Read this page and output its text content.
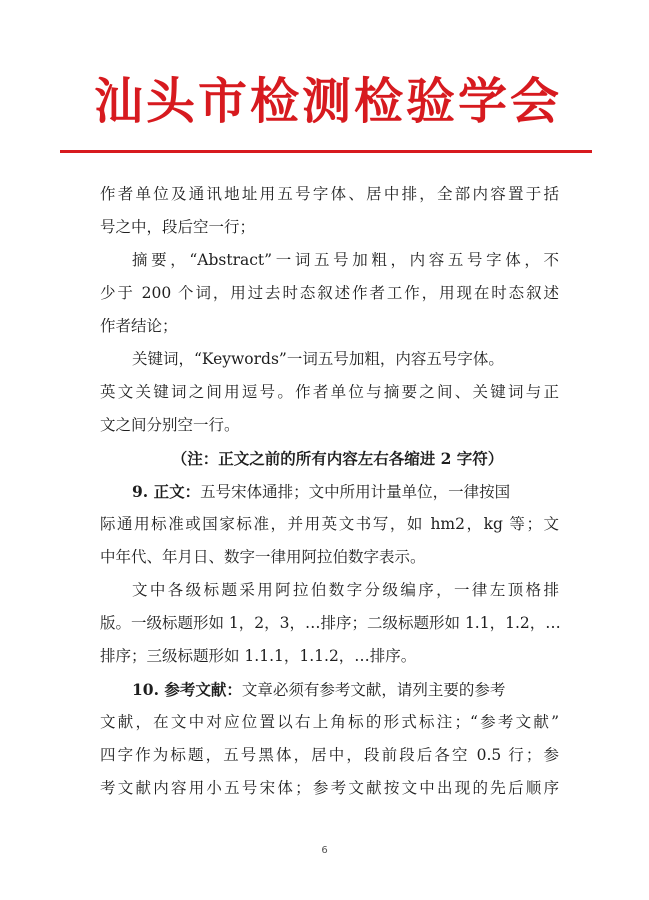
汕头市检测检验学会
作者单位及通讯地址用五号字体、居中排，全部内容置于括
号之中，段后空一行；
摘要，“Abstract”一词五号加粗，内容五号字体，不
少于 200 个词，用过去时态叙述作者工作，用现在时态叙述
作者结论；
关键词，“Keywords”一词五号加粗，内容五号字体。
英文关键词之间用逗号。作者单位与摘要之间、关键词与正
文之间分别空一行。
（注：正文之前的所有内容左右各缩进 2 字符）
9. 正文：五号宋体通排；文中所用计量单位，一律按国
际通用标准或国家标准，并用英文书写，如 hm2，kg 等；文
中年代、年月日、数字一律用阿拉伯数字表示。
文中各级标题采用阿拉伯数字分级编序，一律左顶格排
版。一级标题形如 1，2，3，…排序；二级标题形如 1.1，1.2，…
排序；三级标题形如 1.1.1，1.1.2，…排序。
10. 参考文献：文章必须有参考文献，请列主要的参考
文献，在文中对应位置以右上角标的形式标注；“参考文献”
四字作为标题，五号黑体，居中，段前段后各空 0.5 行；参
考文献内容用小五号宋体；参考文献按文中出现的先后顺序
6
